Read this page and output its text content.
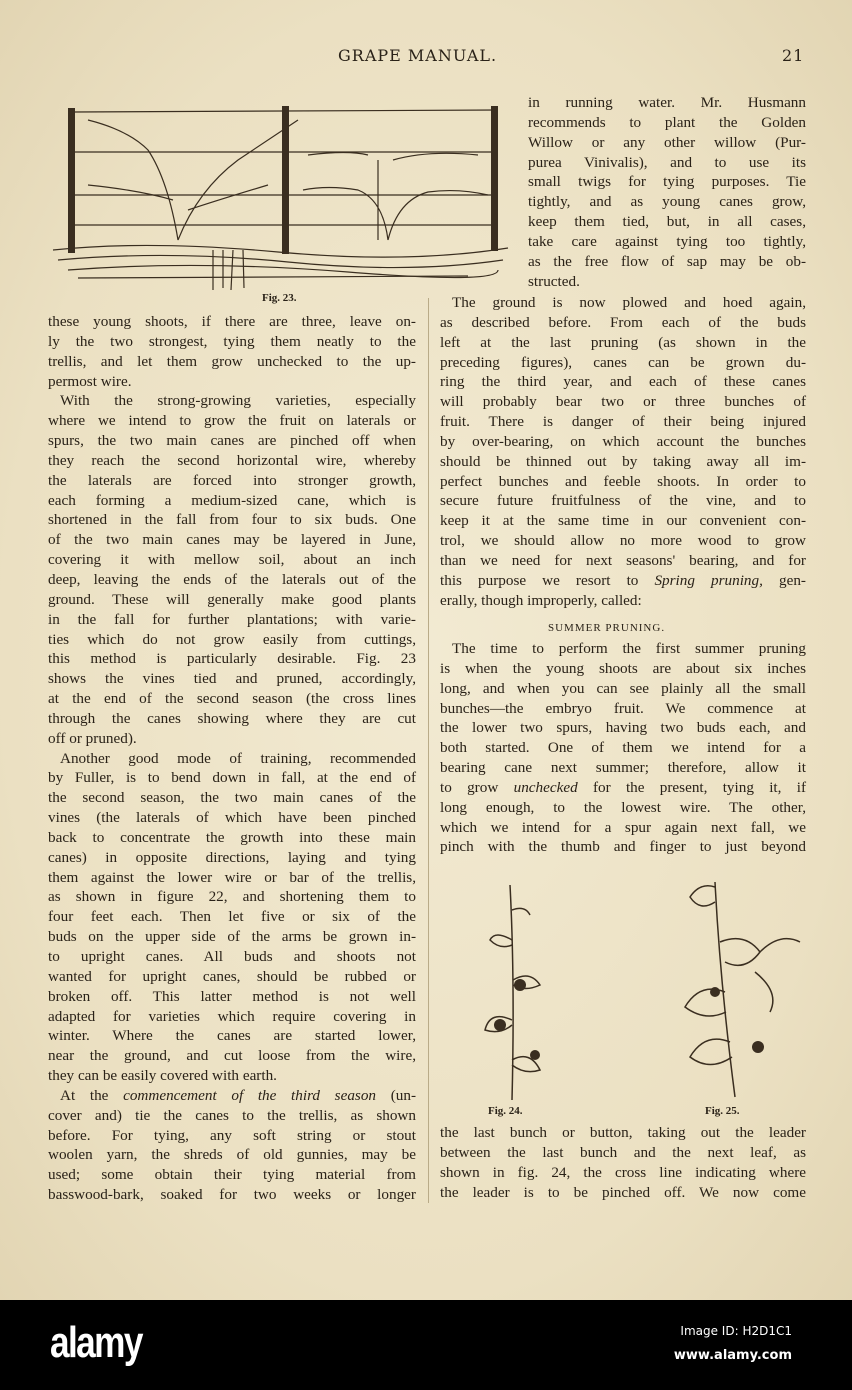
GRAPE MANUAL.	21
Fig. 23.
these young shoots, if there are three, leave on-
ly the two strongest, tying them neatly to the
trellis, and let them grow unchecked to the up-
permost wire.
With the strong-growing varieties, especially
where we intend to grow the fruit on laterals or
spurs, the two main canes are pinched off when
they reach the second horizontal wire, whereby
the laterals are forced into stronger growth,
each forming a medium-sized cane, which is
shortened in the fall from four to six buds. One
of the two main canes may be layered in June,
covering it with mellow soil, about an inch
deep, leaving the ends of the laterals out of the
ground. These will generally make good plants
in the fall for further plantations; with varie-
ties which do not grow easily from cuttings,
this method is particularly desirable. Fig. 23
shows the vines tied and pruned, accordingly,
at the end of the second season (the cross lines
through the canes showing where they are cut
off or pruned).
Another good mode of training, recommended
by Fuller, is to bend down in fall, at the end of
the second season, the two main canes of the
vines (the laterals of which have been pinched
back to concentrate the growth into these main
canes) in opposite directions, laying and tying
them against the lower wire or bar of the trellis,
as shown in figure 22, and shortening them to
four feet each. Then let five or six of the
buds on the upper side of the arms be grown in-
to upright canes. All buds and shoots not
wanted for upright canes, should be rubbed or
broken off. This latter method is not well
adapted for varieties which require covering in
winter. Where the canes are started lower,
near the ground, and cut loose from the wire,
they can be easily covered with earth.
At the commencement of the third season (un-
cover and) tie the canes to the trellis, as shown
before. For tying, any soft string or stout
woolen yarn, the shreds of old gunnies, may be
used; some obtain their tying material from
basswood-bark, soaked for two weeks or longer
in running water. Mr. Husmann
recommends to plant the Golden
Willow or any other willow (Pur-
purea Vinivalis), and to use its
small twigs for tying purposes. Tie
tightly, and as young canes grow,
keep them tied, but, in all cases,
take care against tying too tightly,
as the free flow of sap may be ob-
structed.
The ground is now plowed and hoed again,
as described before. From each of the buds
left at the last pruning (as shown in the
preceding figures), canes can be grown du-
ring the third year, and each of these canes
will probably bear two or three bunches of
fruit. There is danger of their being injured
by over-bearing, on which account the bunches
should be thinned out by taking away all im-
perfect bunches and feeble shoots. In order to
secure future fruitfulness of the vine, and to
keep it at the same time in our convenient con-
trol, we should allow no more wood to grow
than we need for next seasons' bearing, and for
this purpose we resort to Spring pruning, gen-
erally, though improperly, called:
SUMMER PRUNING.
The time to perform the first summer pruning
is when the young shoots are about six inches
long, and when you can see plainly all the small
bunches—the embryo fruit. We commence at
the lower two spurs, having two buds each, and
both started. One of them we intend for a
bearing cane next summer; therefore, allow it
to grow unchecked for the present, tying it, if
long enough, to the lowest wire. The other,
which we intend for a spur again next fall, we
pinch with the thumb and finger to just beyond
Fig. 24.	Fig. 25.
the last bunch or button, taking out the leader
between the last bunch and the next leaf, as
shown in fig. 24, the cross line indicating where
the leader is to be pinched off. We now come
alamy	Image ID: H2D1C1
www.alamy.com
